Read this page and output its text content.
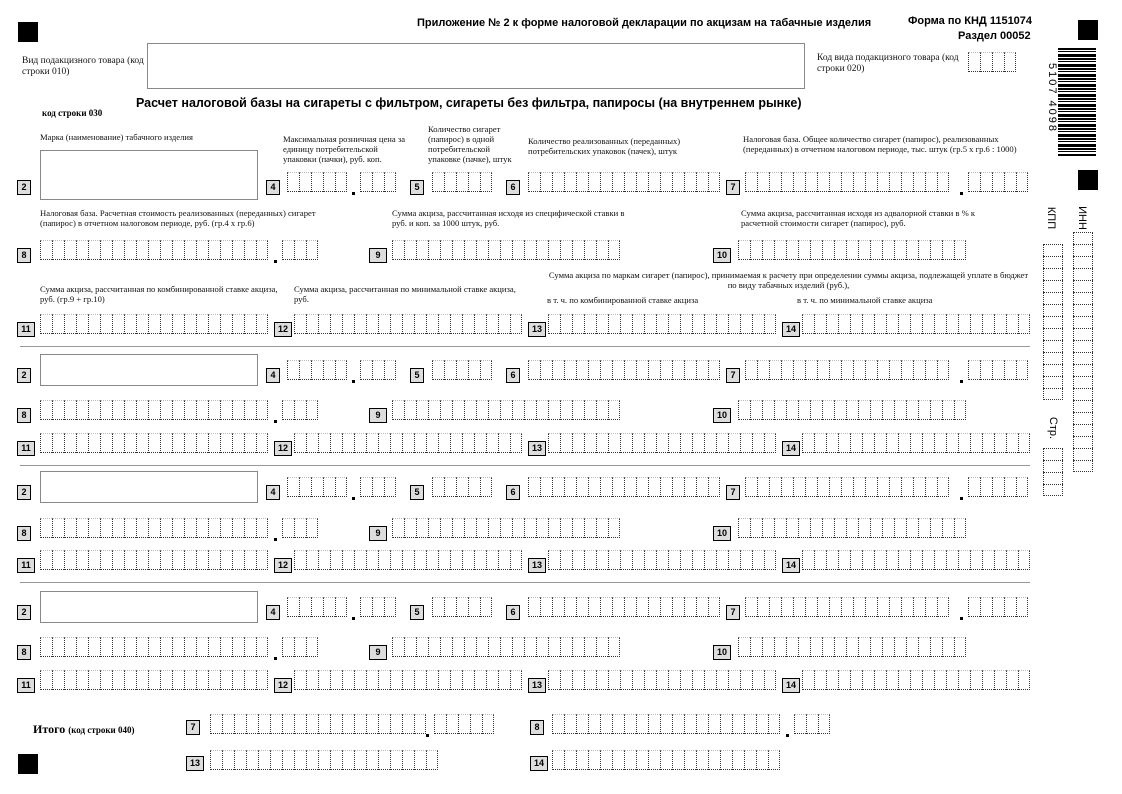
Приложение № 2 к форме налоговой декларации по акцизам на табачные изделия	Форма по КНД 1151074
Раздел 00052
5107 4098
Вид подакцизного товара (код строки 010)
Код вида подакцизного товара (код строки 020)
Расчет налоговой базы на сигареты с фильтром, сигареты без фильтра, папиросы (на внутреннем рынке)
код строки 030
Марка (наименование) табачного изделия	Максимальная розничная цена за единицу потребительской упаковки (пачки), руб. коп.
Количество сигарет (папирос) в одной потребительской упаковке (пачке), штук
Количество реализованных (переданных) потребительских упаковок (пачек), штук
Налоговая база. Общее количество сигарет (папирос), реализованных (переданных) в отчетном налоговом периоде, тыс. штук (гр.5 х гр.6 : 1000)
Налоговая база. Расчетная стоимость реализованных (переданных) сигарет (папирос) в отчетном налоговом периоде, руб. (гр.4 х гр.6)
Сумма акциза, рассчитанная исходя из специфической ставки в руб. и коп. за 1000 штук, руб.
Сумма акциза, рассчитанная исходя из адвалорной ставки в % к расчетной стоимости сигарет (папирос), руб.
Сумма акциза, рассчитанная по комбинированной ставке акциза, руб. (гр.9 + гр.10)
Сумма акциза, рассчитанная по минимальной ставке акциза, руб.
Сумма акциза по маркам сигарет (папирос), принимаемая к расчету при определении суммы акциза, подлежащей уплате в бюджет по виду табачных изделий (руб.),
в т. ч. по комбинированной ставке акциза	в т. ч. по минимальной ставке акциза
ИНН
КПП
Стр.
2	4	5	6	7
8	9	10
11	12	13	14
2	4	5	6	7
8	9	10
11	12	13	14
2	4	5	6	7
8	9	10
11	12	13	14
2	4	5	6	7
8	9	10
11	12	13	14
7	8
13	14
Итого (код строки 040)
